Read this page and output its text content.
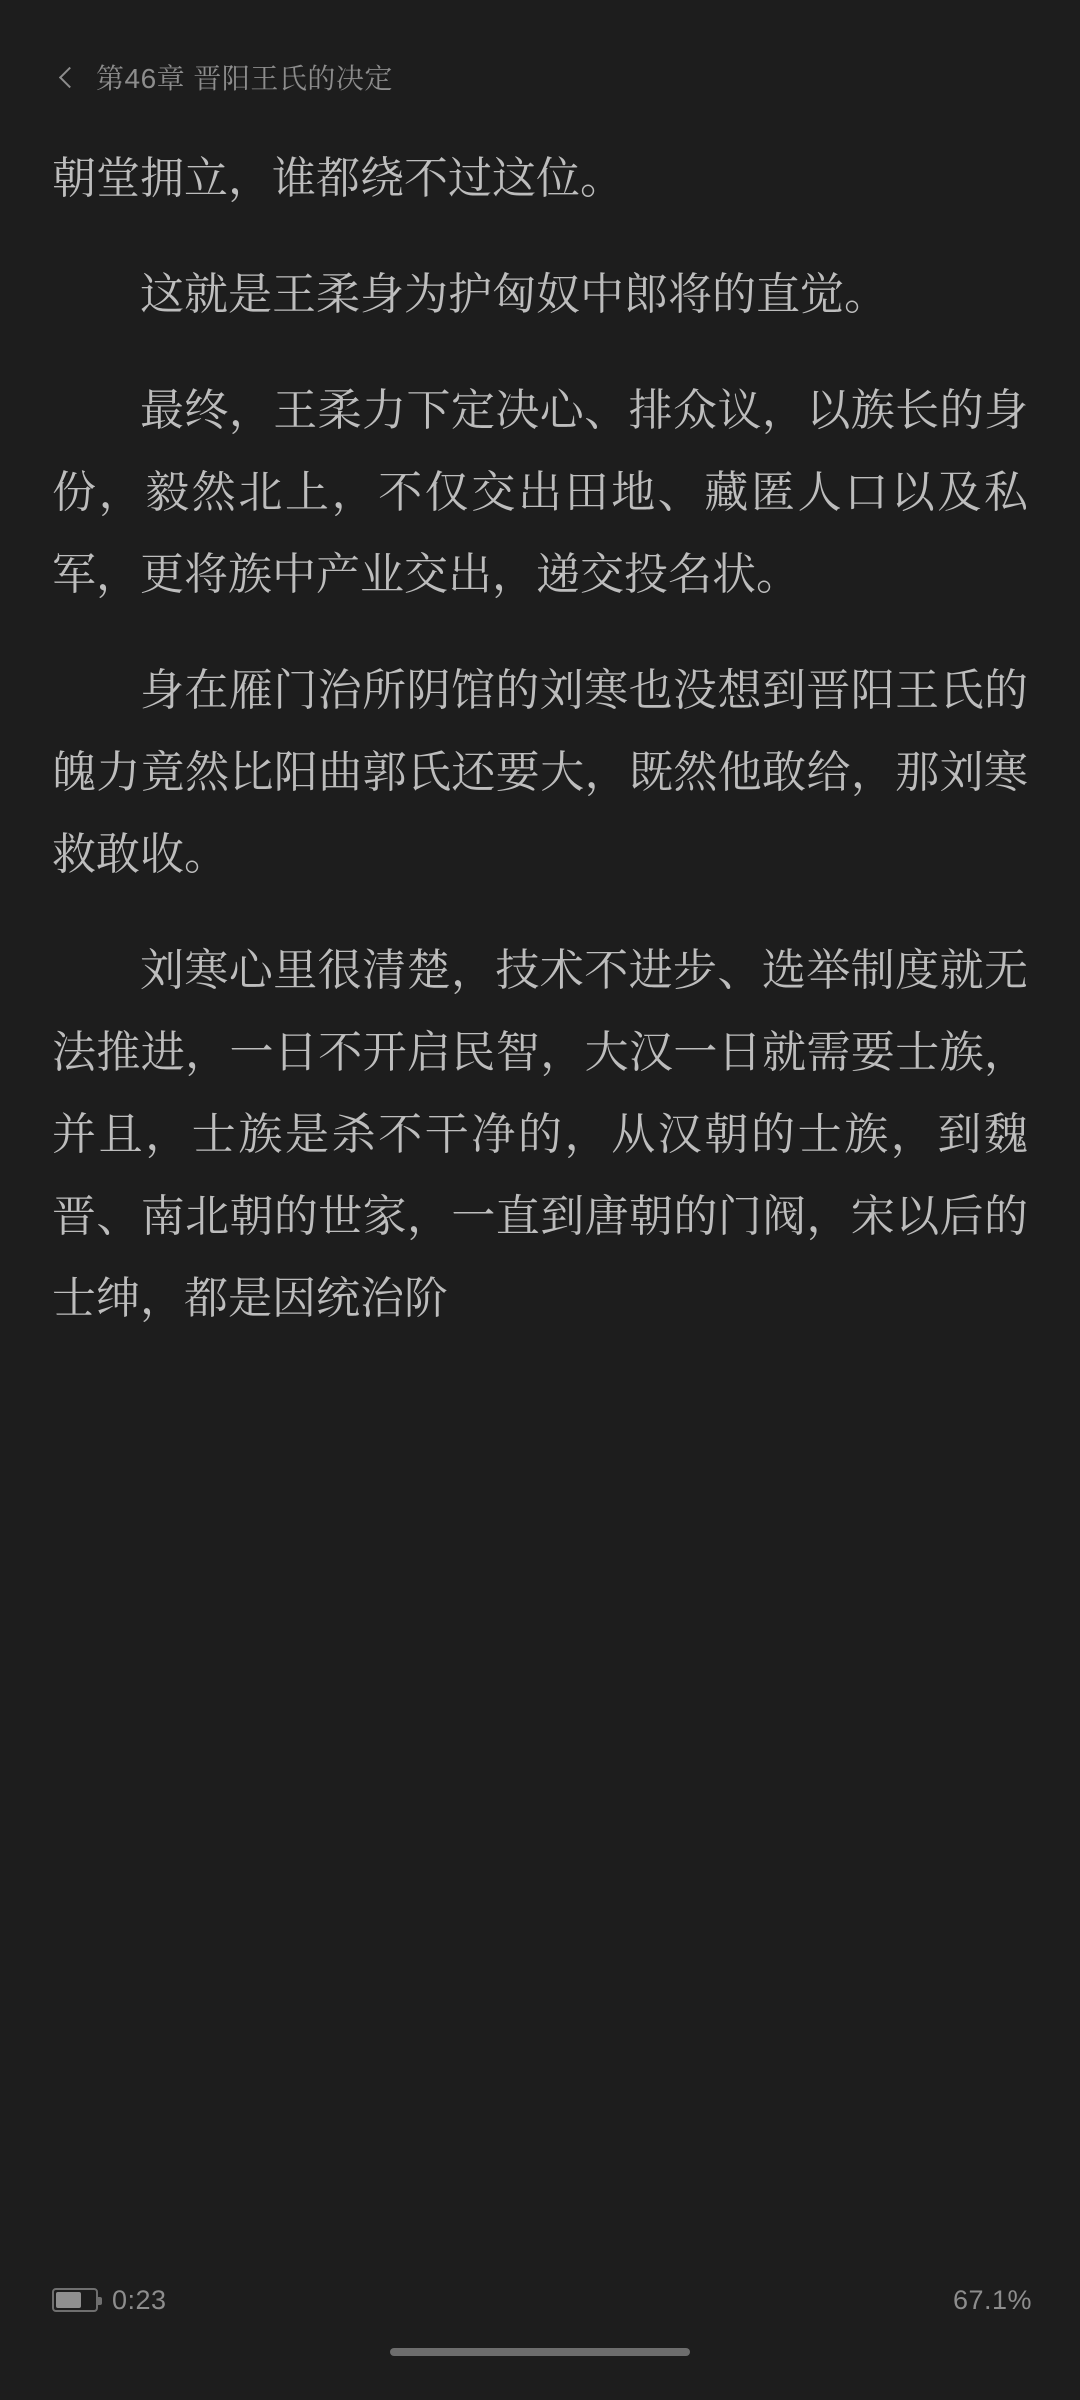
第46章 晋阳王氏的决定

朝堂拥立，谁都绕不过这位。

这就是王柔身为护匈奴中郎将的直觉。

最终，王柔力下定决心、排众议，以族长的身份，毅然北上，不仅交出田地、藏匿人口以及私军，更将族中产业交出，递交投名状。

身在雁门治所阴馆的刘寒也没想到晋阳王氏的魄力竟然比阳曲郭氏还要大，既然他敢给，那刘寒救敢收。

刘寒心里很清楚，技术不进步、选举制度就无法推进，一日不开启民智，大汉一日就需要士族，并且，士族是杀不干净的，从汉朝的士族，到魏晋、南北朝的世家，一直到唐朝的门阀，宋以后的士绅，都是因统治阶

0:23	67.1%
